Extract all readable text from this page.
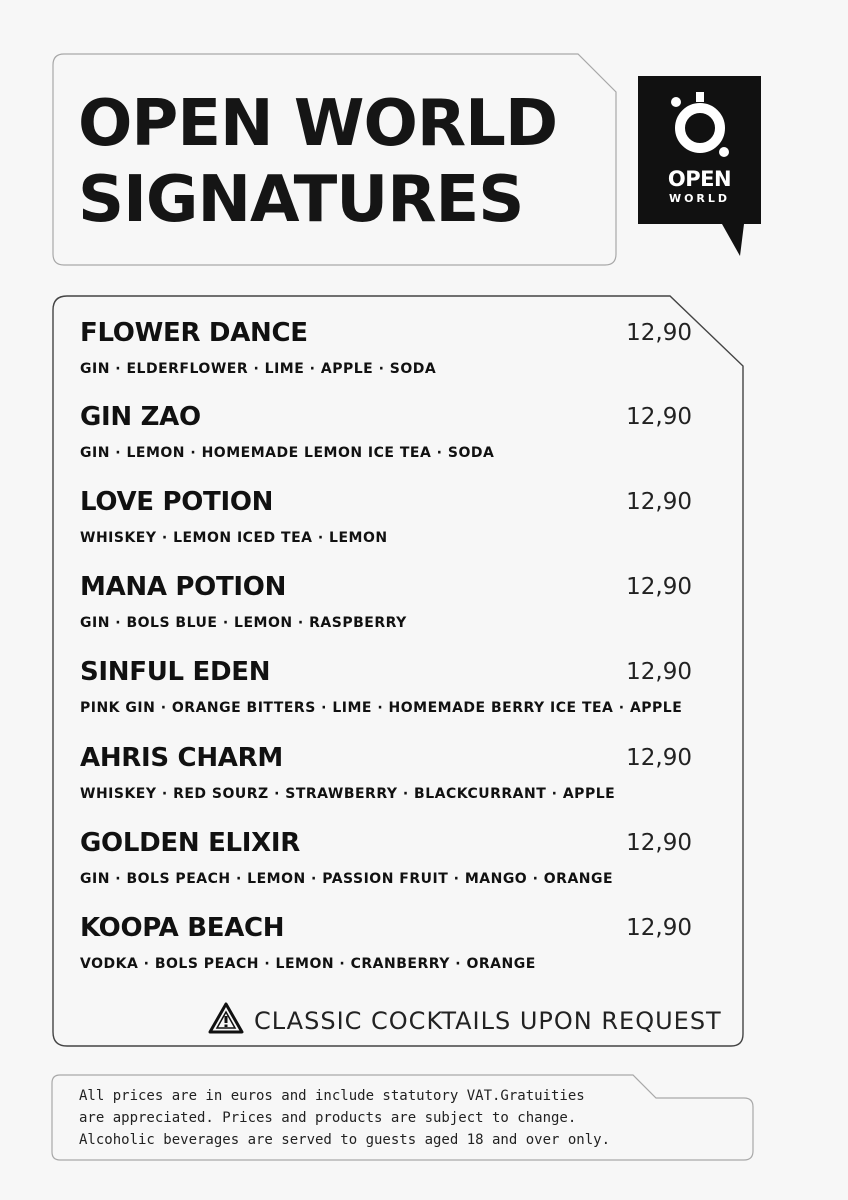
OPEN WORLD
SIGNATURES	OPEN
WORLD
FLOWER DANCE	12,90
GIN · ELDERFLOWER · LIME · APPLE · SODA
GIN ZAO	12,90
GIN · LEMON · HOMEMADE LEMON ICE TEA · SODA
LOVE POTION	12,90
WHISKEY · LEMON ICED TEA · LEMON
MANA POTION	12,90
GIN · BOLS BLUE · LEMON · RASPBERRY
SINFUL EDEN	12,90
PINK GIN · ORANGE BITTERS · LIME · HOMEMADE BERRY ICE TEA · APPLE
AHRIS CHARM	12,90
WHISKEY · RED SOURZ · STRAWBERRY · BLACKCURRANT · APPLE
GOLDEN ELIXIR	12,90
GIN · BOLS PEACH · LEMON · PASSION FRUIT · MANGO · ORANGE
KOOPA BEACH	12,90
VODKA · BOLS PEACH · LEMON · CRANBERRY · ORANGE
CLASSIC COCKTAILS UPON REQUEST
All prices are in euros and include statutory VAT.Gratuities
are appreciated. Prices and products are subject to change.
Alcoholic beverages are served to guests aged 18 and over only.
